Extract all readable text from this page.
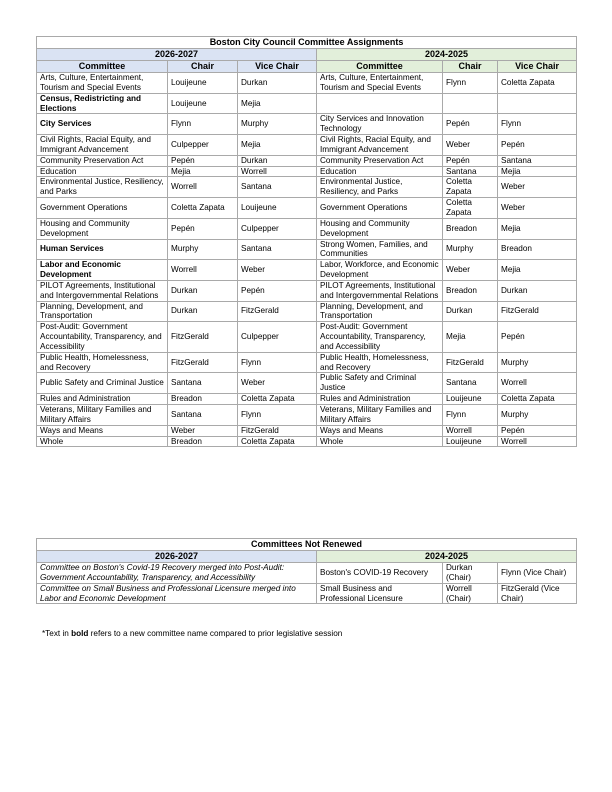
Boston City Council Committee Assignments					
2026-2027			2024-2025		
Committee	Chair	Vice Chair	Committee	Chair	Vice Chair
Arts, Culture, Entertainment, Tourism and Special Events	Louijeune	Durkan	Arts, Culture, Entertainment, Tourism and Special Events	Flynn	Coletta Zapata
Census, Redistricting and Elections	Louijeune	Mejia			
City Services	Flynn	Murphy	City Services and Innovation Technology	Pepén	Flynn
Civil Rights, Racial Equity, and Immigrant Advancement	Culpepper	Mejia	Civil Rights, Racial Equity, and Immigrant Advancement	Weber	Pepén
Community Preservation Act	Pepén	Durkan	Community Preservation Act	Pepén	Santana
Education	Mejia	Worrell	Education	Santana	Mejia
Environmental Justice, Resiliency, and Parks	Worrell	Santana	Environmental Justice, Resiliency, and Parks	Coletta Zapata	Weber
Government Operations	Coletta Zapata	Louijeune	Government Operations	Coletta Zapata	Weber
Housing and Community Development	Pepén	Culpepper	Housing and Community Development	Breadon	Mejia
Human Services	Murphy	Santana	Strong Women, Families, and Communities	Murphy	Breadon
Labor and Economic Development	Worrell	Weber	Labor, Workforce, and Economic Development	Weber	Mejia
PILOT Agreements, Institutional and Intergovernmental Relations	Durkan	Pepén	PILOT Agreements, Institutional and Intergovernmental Relations	Breadon	Durkan
Planning, Development, and Transportation	Durkan	FitzGerald	Planning, Development, and Transportation	Durkan	FitzGerald
Post-Audit: Government Accountability, Transparency, and Accessibility	FitzGerald	Culpepper	Post-Audit: Government Accountability, Transparency, and Accessibility	Mejia	Pepén
Public Health, Homelessness, and Recovery	FitzGerald	Flynn	Public Health, Homelessness, and Recovery	FitzGerald	Murphy
Public Safety and Criminal Justice	Santana	Weber	Public Safety and Criminal Justice	Santana	Worrell
Rules and Administration	Breadon	Coletta Zapata	Rules and Administration	Louijeune	Coletta Zapata
Veterans, Military Families and Military Affairs	Santana	Flynn	Veterans, Military Families and Military Affairs	Flynn	Murphy
Ways and Means	Weber	FitzGerald	Ways and Means	Worrell	Pepén
Whole	Breadon	Coletta Zapata	Whole	Louijeune	Worrell
Committees Not Renewed			
2026-2027	2024-2025		
Committee on Boston's Covid-19 Recovery merged into Post-Audit: Government Accountability, Transparency, and Accessibility	Boston's COVID-19 Recovery	Durkan (Chair)	Flynn (Vice Chair)
Committee on Small Business and Professional Licensure merged into Labor and Economic Development	Small Business and Professional Licensure	Worrell (Chair)	FitzGerald (Vice Chair)
*Text in bold refers to a new committee name compared to prior legislative session
